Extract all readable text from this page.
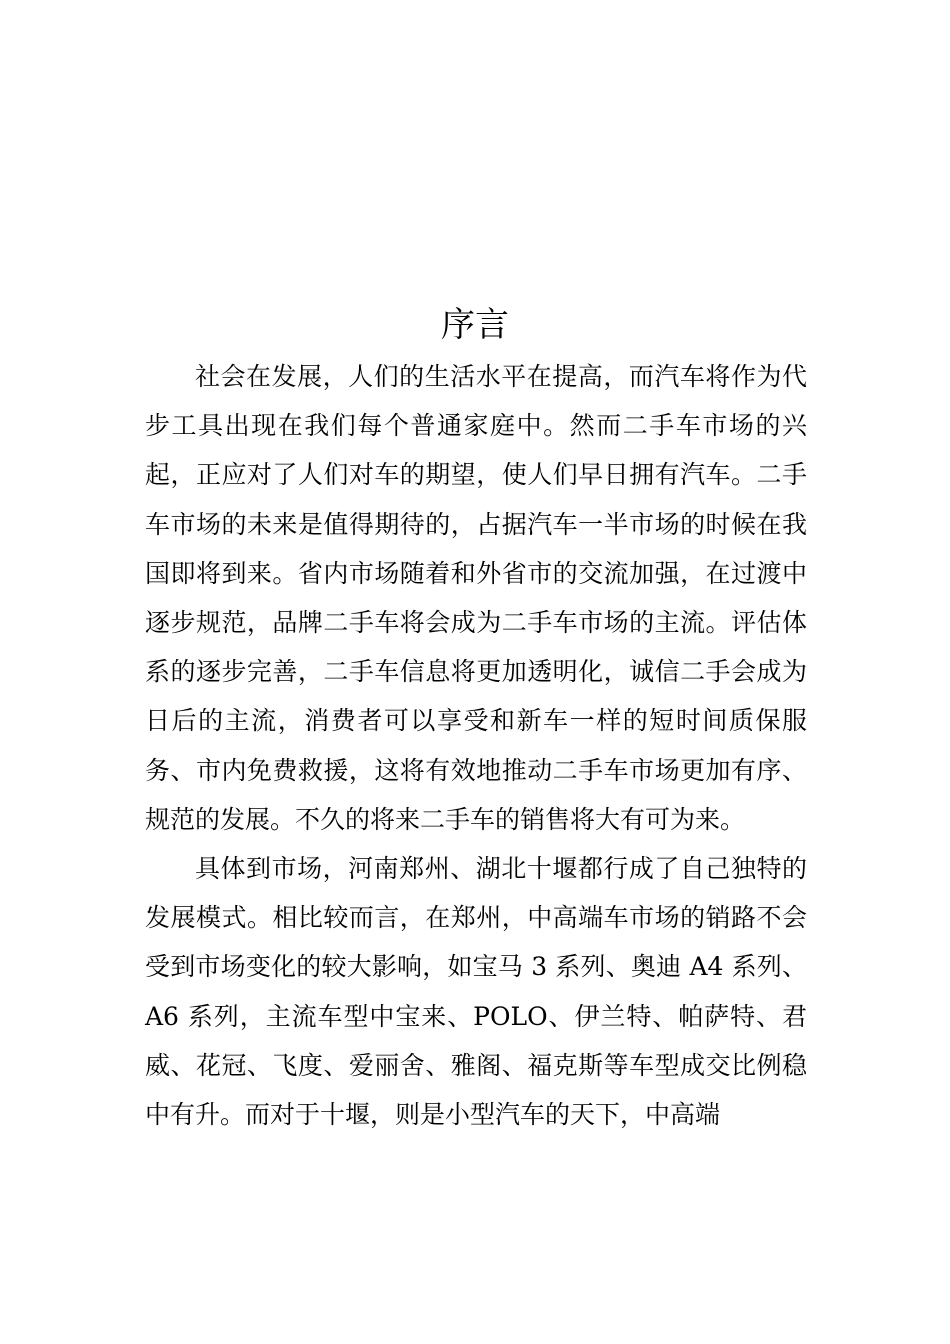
序言

社会在发展，人们的生活水平在提高，而汽车将作为代步工具出现在我们每个普通家庭中。然而二手车市场的兴起，正应对了人们对车的期望，使人们早日拥有汽车。二手车市场的未来是值得期待的，占据汽车一半市场的时候在我国即将到来。省内市场随着和外省市的交流加强，在过渡中逐步规范，品牌二手车将会成为二手车市场的主流。评估体系的逐步完善，二手车信息将更加透明化，诚信二手会成为日后的主流，消费者可以享受和新车一样的短时间质保服务、市内免费救援，这将有效地推动二手车市场更加有序、规范的发展。不久的将来二手车的销售将大有可为来。

具体到市场，河南郑州、湖北十堰都行成了自己独特的发展模式。相比较而言，在郑州，中高端车市场的销路不会受到市场变化的较大影响，如宝马 3 系列、奥迪 A4 系列、A6 系列，主流车型中宝来、POLO、伊兰特、帕萨特、君威、花冠、飞度、爱丽舍、雅阁、福克斯等车型成交比例稳中有升。而对于十堰，则是小型汽车的天下，中高端
